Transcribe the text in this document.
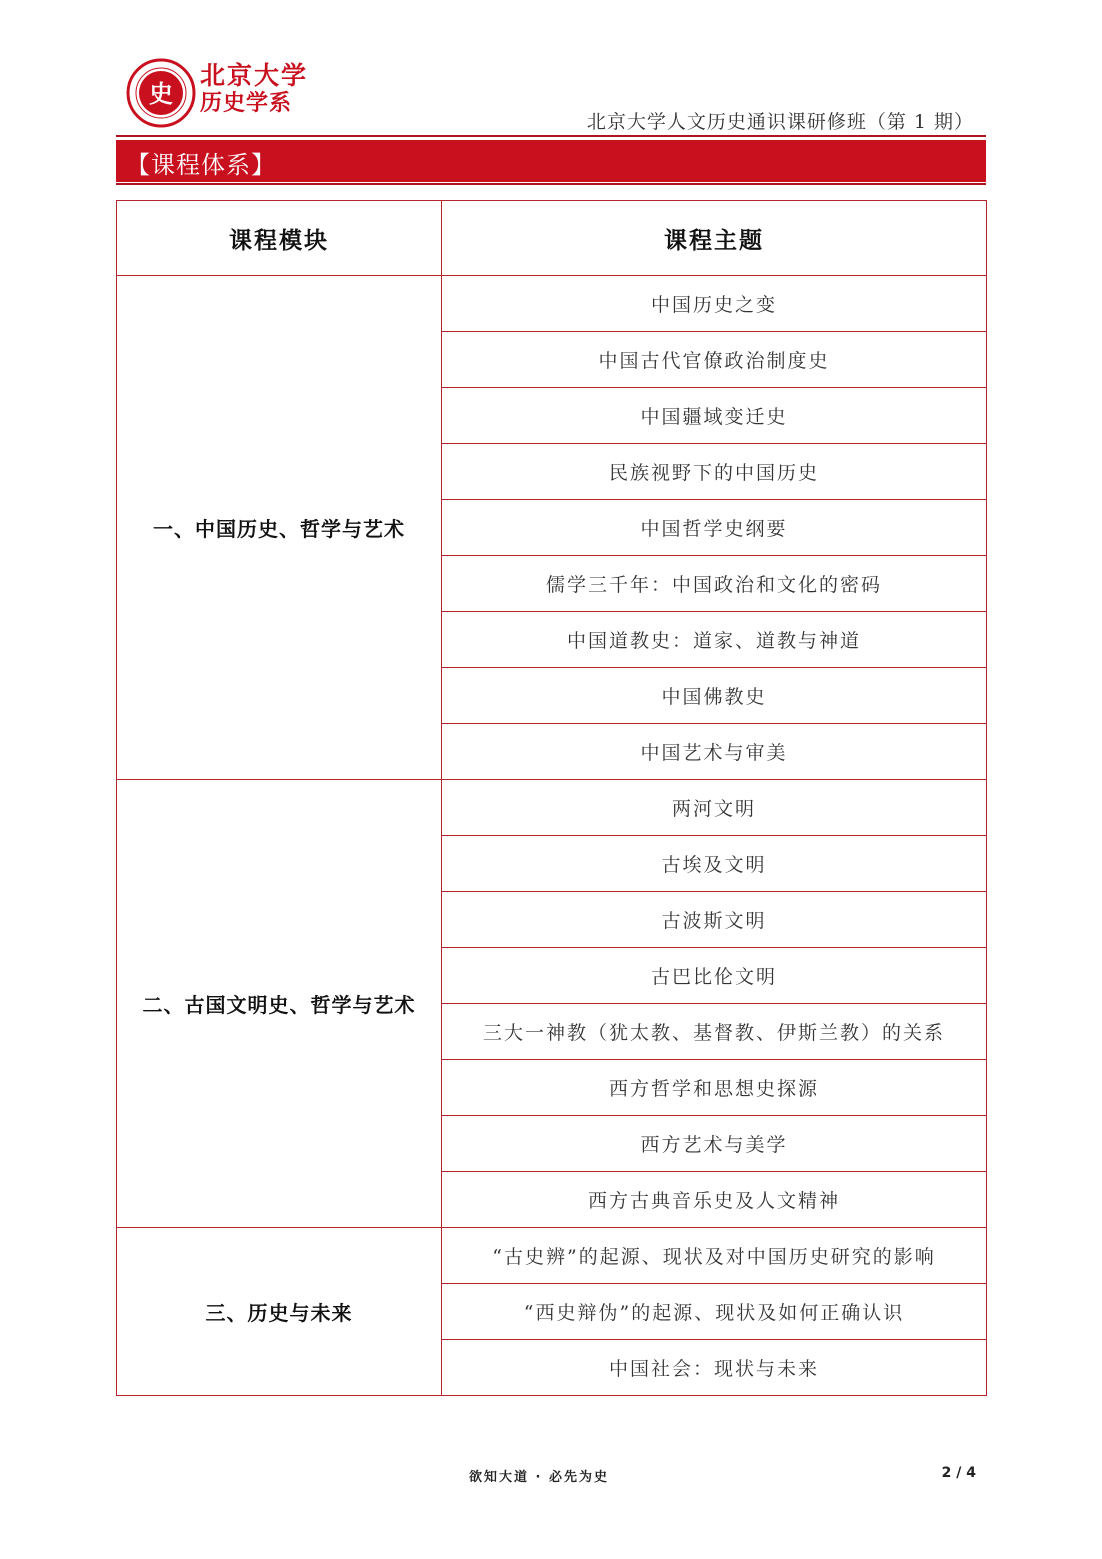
史
北京大学
历史学系
北京大学人文历史通识课研修班（第 1 期）
【课程体系】
课程模块	课程主题
一、中国历史、哲学与艺术	中国历史之变
	中国古代官僚政治制度史
	中国疆域变迁史
	民族视野下的中国历史
	中国哲学史纲要
	儒学三千年：中国政治和文化的密码
	中国道教史：道家、道教与神道
	中国佛教史
	中国艺术与审美
二、古国文明史、哲学与艺术	两河文明
	古埃及文明
	古波斯文明
	古巴比伦文明
	三大一神教（犹太教、基督教、伊斯兰教）的关系
	西方哲学和思想史探源
	西方艺术与美学
	西方古典音乐史及人文精神
三、历史与未来	“古史辨”的起源、现状及对中国历史研究的影响
	“西史辩伪”的起源、现状及如何正确认识
	中国社会：现状与未来
欲知大道 · 必先为史	2 / 4
